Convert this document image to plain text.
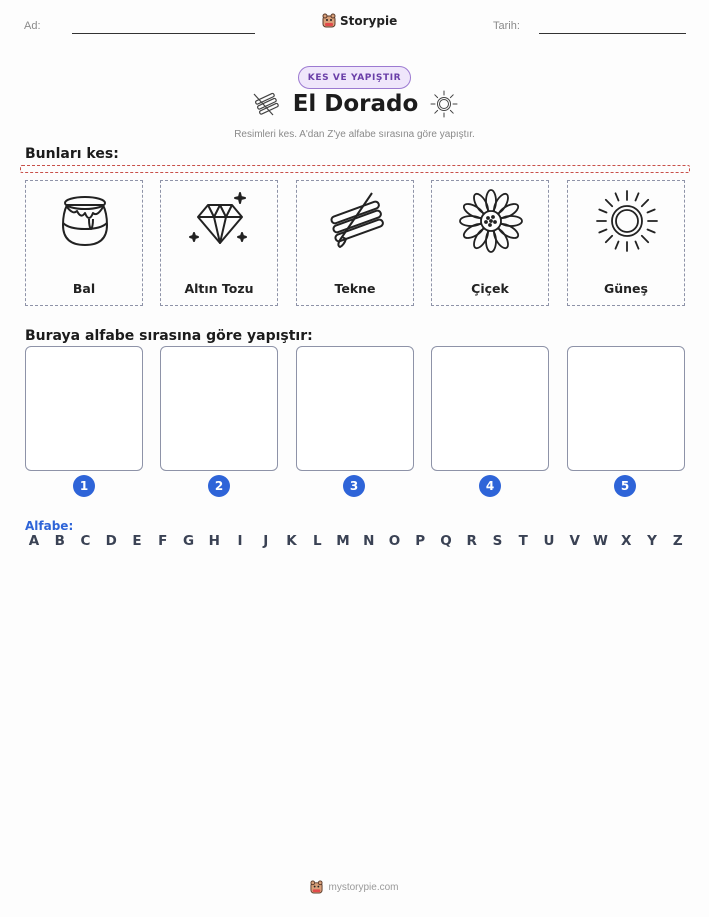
Ad:	Storypie	Tarih:
KES VE YAPIŞTIR
El Dorado
Resimleri kes. A'dan Z'ye alfabe sırasına göre yapıştır.
Bunları kes:
Bal	Altın Tozu	Tekne	Çiçek	Güneş
Buraya alfabe sırasına göre yapıştır:
1	2	3	4	5
Alfabe:
A B C D E F G H	I	J	K L M N O P Q R S T U V W X Y Z
mystorypie.com
